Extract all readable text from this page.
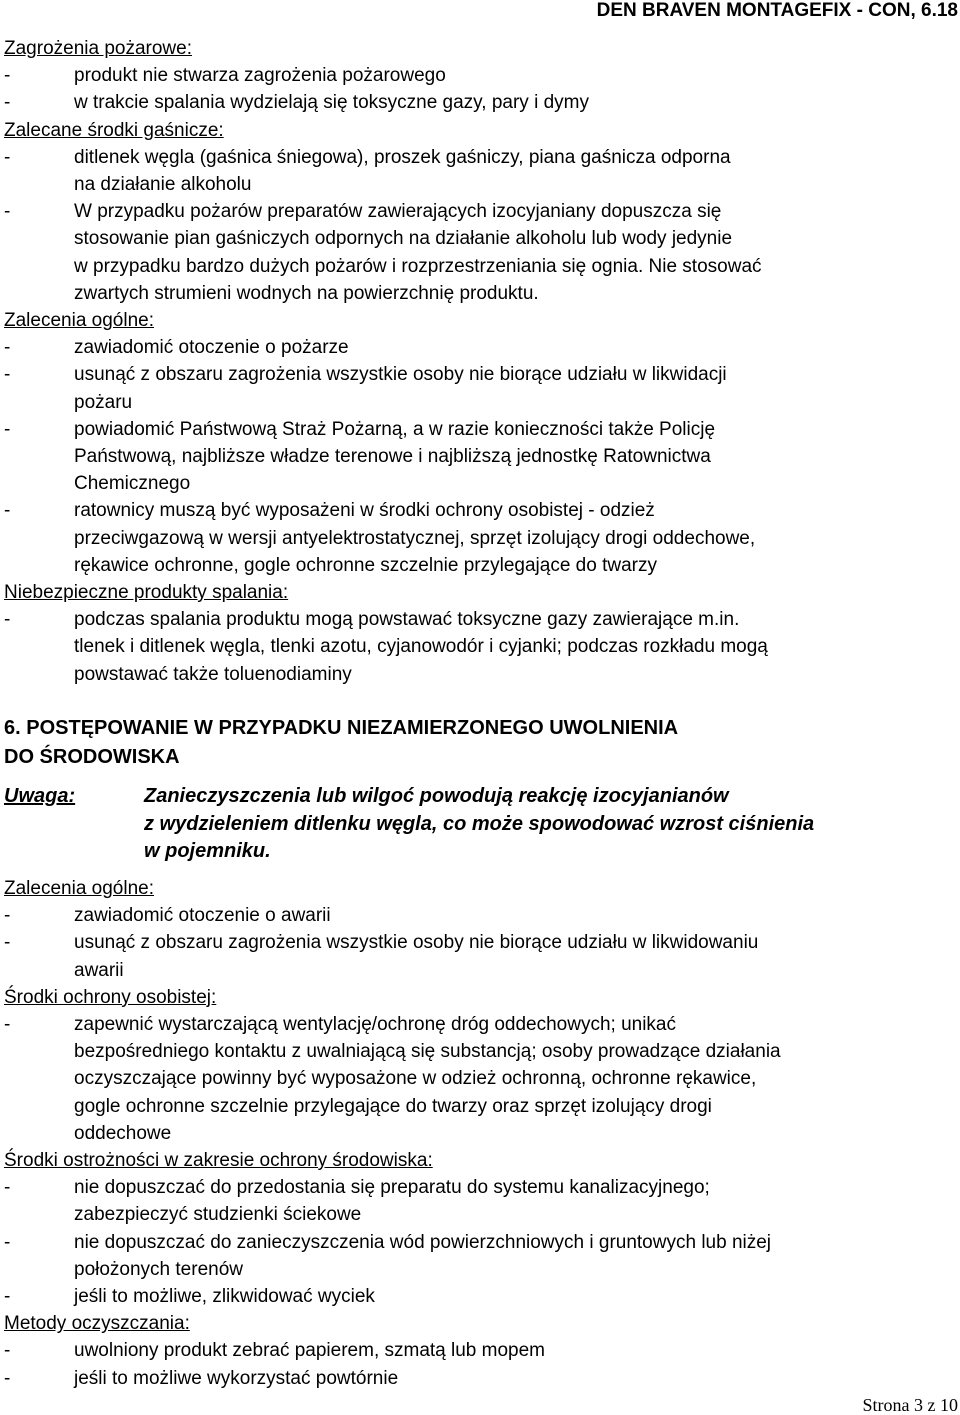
DEN BRAVEN MONTAGEFIX - CON, 6.18
Zagrożenia pożarowe:
-	produkt nie stwarza zagrożenia pożarowego
-	w trakcie spalania wydzielają się toksyczne gazy, pary i dymy
Zalecane środki gaśnicze:
-	ditlenek węgla (gaśnica śniegowa), proszek gaśniczy, piana gaśnicza odporna
na działanie alkoholu
-	W przypadku pożarów preparatów zawierających izocyjaniany dopuszcza się
stosowanie pian gaśniczych odpornych na działanie alkoholu lub wody jedynie
w przypadku bardzo dużych pożarów i rozprzestrzeniania się ognia. Nie stosować
zwartych strumieni wodnych na powierzchnię produktu.
Zalecenia ogólne:
-	zawiadomić otoczenie o pożarze
-	usunąć z obszaru zagrożenia wszystkie osoby nie biorące udziału w likwidacji
pożaru
-	powiadomić Państwową Straż Pożarną, a w razie konieczności także Policję
Państwową, najbliższe władze terenowe i najbliższą jednostkę Ratownictwa
Chemicznego
-	ratownicy muszą być wyposażeni w środki ochrony osobistej - odzież
przeciwgazową w wersji antyelektrostatycznej, sprzęt izolujący drogi oddechowe,
rękawice ochronne, gogle ochronne szczelnie przylegające do twarzy
Niebezpieczne produkty spalania:
-	podczas spalania produktu mogą powstawać toksyczne gazy zawierające m.in.
tlenek i ditlenek węgla, tlenki azotu, cyjanowodór i cyjanki; podczas rozkładu mogą
powstawać także toluenodiaminy
6. POSTĘPOWANIE W PRZYPADKU NIEZAMIERZONEGO UWOLNIENIA
DO ŚRODOWISKA
Uwaga:	Zanieczyszczenia lub wilgoć powodują reakcję izocyjanianów
z wydzieleniem ditlenku węgla, co może spowodować wzrost ciśnienia
w pojemniku.
Zalecenia ogólne:
-	zawiadomić otoczenie o awarii
-	usunąć z obszaru zagrożenia wszystkie osoby nie biorące udziału w likwidowaniu
awarii
Środki ochrony osobistej:
-	zapewnić wystarczającą wentylację/ochronę dróg oddechowych; unikać
bezpośredniego kontaktu z uwalniającą się substancją; osoby prowadzące działania
oczyszczające powinny być wyposażone w odzież ochronną, ochronne rękawice,
gogle ochronne szczelnie przylegające do twarzy oraz sprzęt izolujący drogi
oddechowe
Środki ostrożności w zakresie ochrony środowiska:
-	nie dopuszczać do przedostania się preparatu do systemu kanalizacyjnego;
zabezpieczyć studzienki ściekowe
-	nie dopuszczać do zanieczyszczenia wód powierzchniowych i gruntowych lub niżej
położonych terenów
-	jeśli to możliwe, zlikwidować wyciek
Metody oczyszczania:
-	uwolniony produkt zebrać papierem, szmatą lub mopem
-	jeśli to możliwe wykorzystać powtórnie
Strona 3 z 10
